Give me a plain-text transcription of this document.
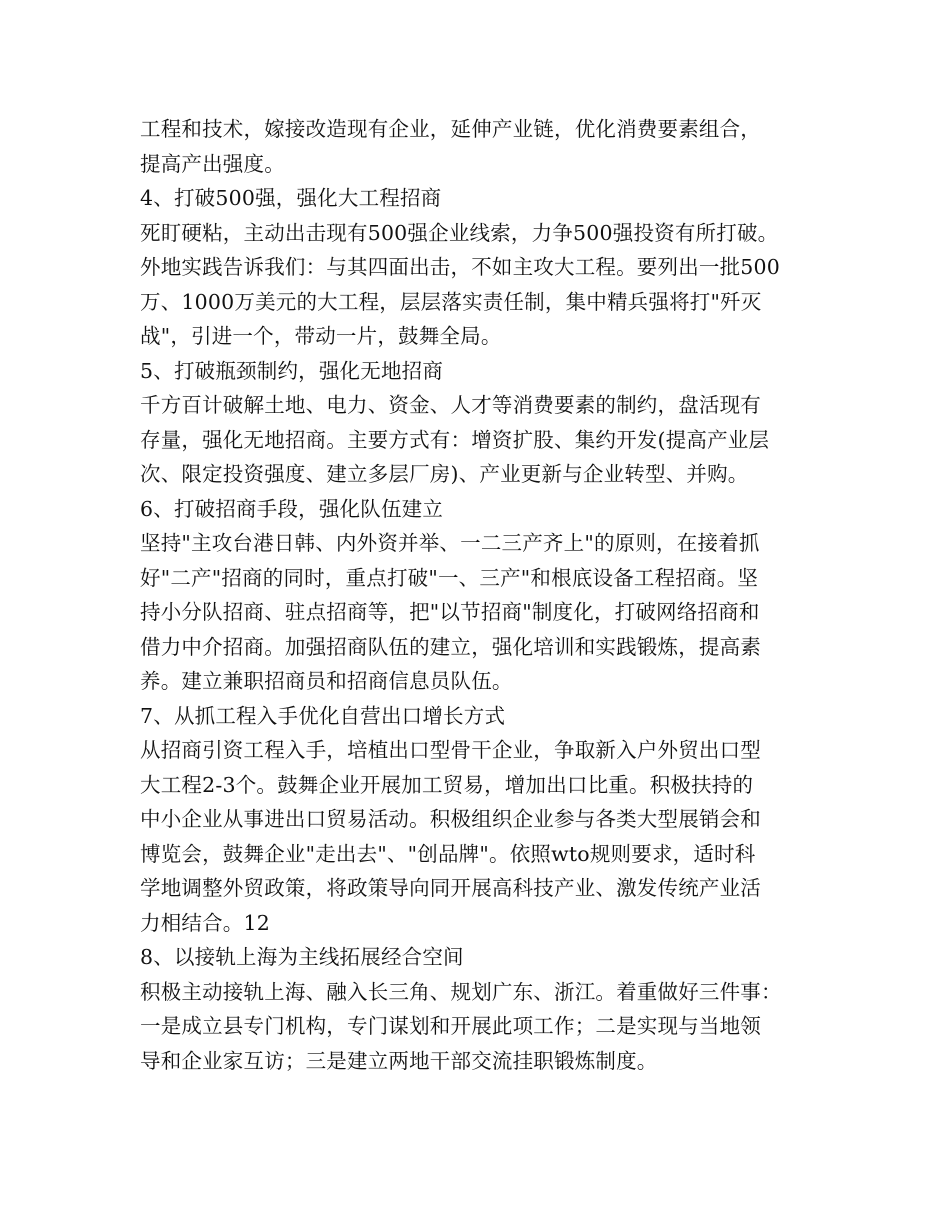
工程和技术，嫁接改造现有企业，延伸产业链，优化消费要素组合，
提高产出强度。
4、打破500强，强化大工程招商
死盯硬粘，主动出击现有500强企业线索，力争500强投资有所打破。
外地实践告诉我们：与其四面出击，不如主攻大工程。要列出一批500
万、1000万美元的大工程，层层落实责任制，集中精兵强将打"歼灭
战"，引进一个，带动一片，鼓舞全局。
5、打破瓶颈制约，强化无地招商
千方百计破解土地、电力、资金、人才等消费要素的制约，盘活现有
存量，强化无地招商。主要方式有：增资扩股、集约开发(提高产业层
次、限定投资强度、建立多层厂房)、产业更新与企业转型、并购。
6、打破招商手段，强化队伍建立
坚持"主攻台港日韩、内外资并举、一二三产齐上"的原则，在接着抓
好"二产"招商的同时，重点打破"一、三产"和根底设备工程招商。坚
持小分队招商、驻点招商等，把"以节招商"制度化，打破网络招商和
借力中介招商。加强招商队伍的建立，强化培训和实践锻炼，提高素
养。建立兼职招商员和招商信息员队伍。
7、从抓工程入手优化自营出口增长方式
从招商引资工程入手，培植出口型骨干企业，争取新入户外贸出口型
大工程2-3个。鼓舞企业开展加工贸易，增加出口比重。积极扶持的
中小企业从事进出口贸易活动。积极组织企业参与各类大型展销会和
博览会，鼓舞企业"走出去"、"创品牌"。依照wto规则要求，适时科
学地调整外贸政策，将政策导向同开展高科技产业、激发传统产业活
力相结合。12
8、以接轨上海为主线拓展经合空间
积极主动接轨上海、融入长三角、规划广东、浙江。着重做好三件事：
一是成立县专门机构，专门谋划和开展此项工作；二是实现与当地领
导和企业家互访；三是建立两地干部交流挂职锻炼制度。
